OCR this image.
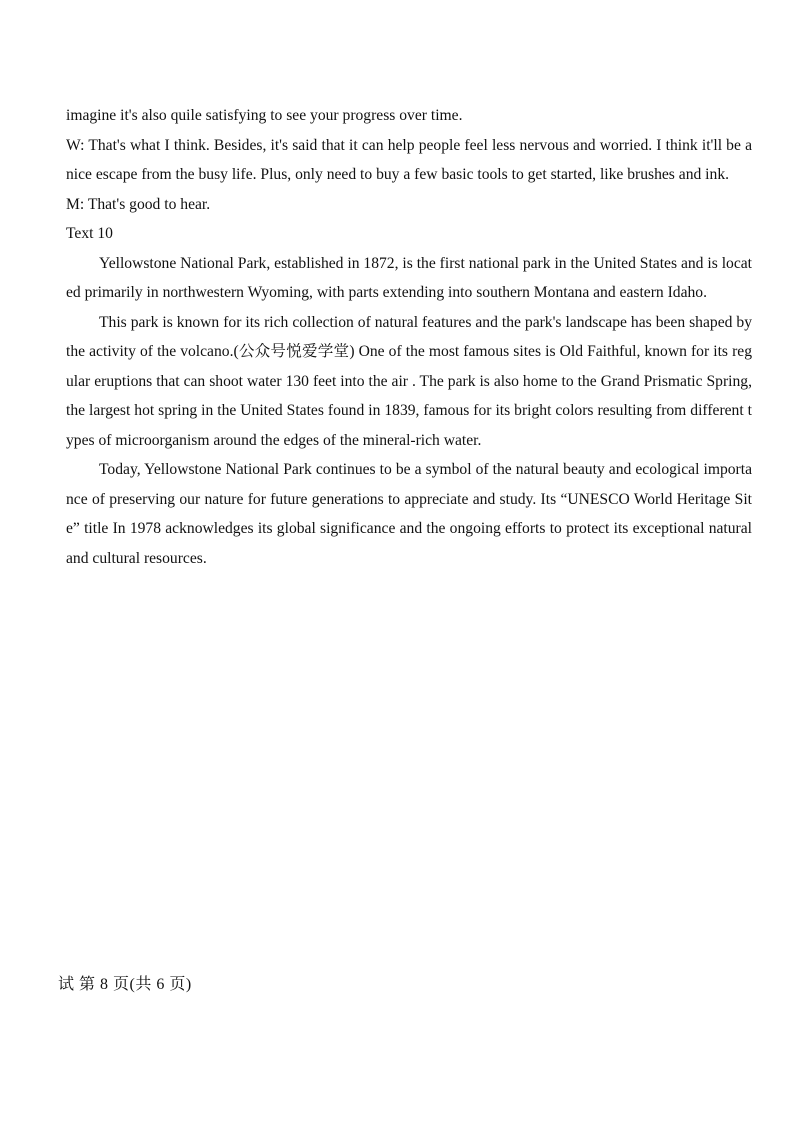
imagine it's also quile satisfying to see your progress over time.

W: That's what I think. Besides, it's said that it can help people feel less nervous and worried. I think it'll be a nice escape from the busy life. Plus, only need to buy a few basic tools to get started, like brushes and ink.

M: That's good to hear.

Text 10

Yellowstone National Park, established in 1872, is the first national park in the United States and is located primarily in northwestern Wyoming, with parts extending into southern Montana and eastern Idaho.

This park is known for its rich collection of natural features and the park's landscape has been shaped by the activity of the volcano.(公众号悦爱学堂) One of the most famous sites is Old Faithful, known for its regular eruptions that can shoot water 130 feet into the air . The park is also home to the Grand Prismatic Spring,the largest hot spring in the United States found in 1839, famous for its bright colors resulting from different types of microorganism around the edges of the mineral-rich water.

Today, Yellowstone National Park continues to be a symbol of the natural beauty and ecological importance of preserving our nature for future generations to appreciate and study. Its “UNESCO World Heritage Site” title In 1978 acknowledges its global significance and the ongoing efforts to protect its exceptional natural and cultural resources.

试 第 8 页(共 6 页)
